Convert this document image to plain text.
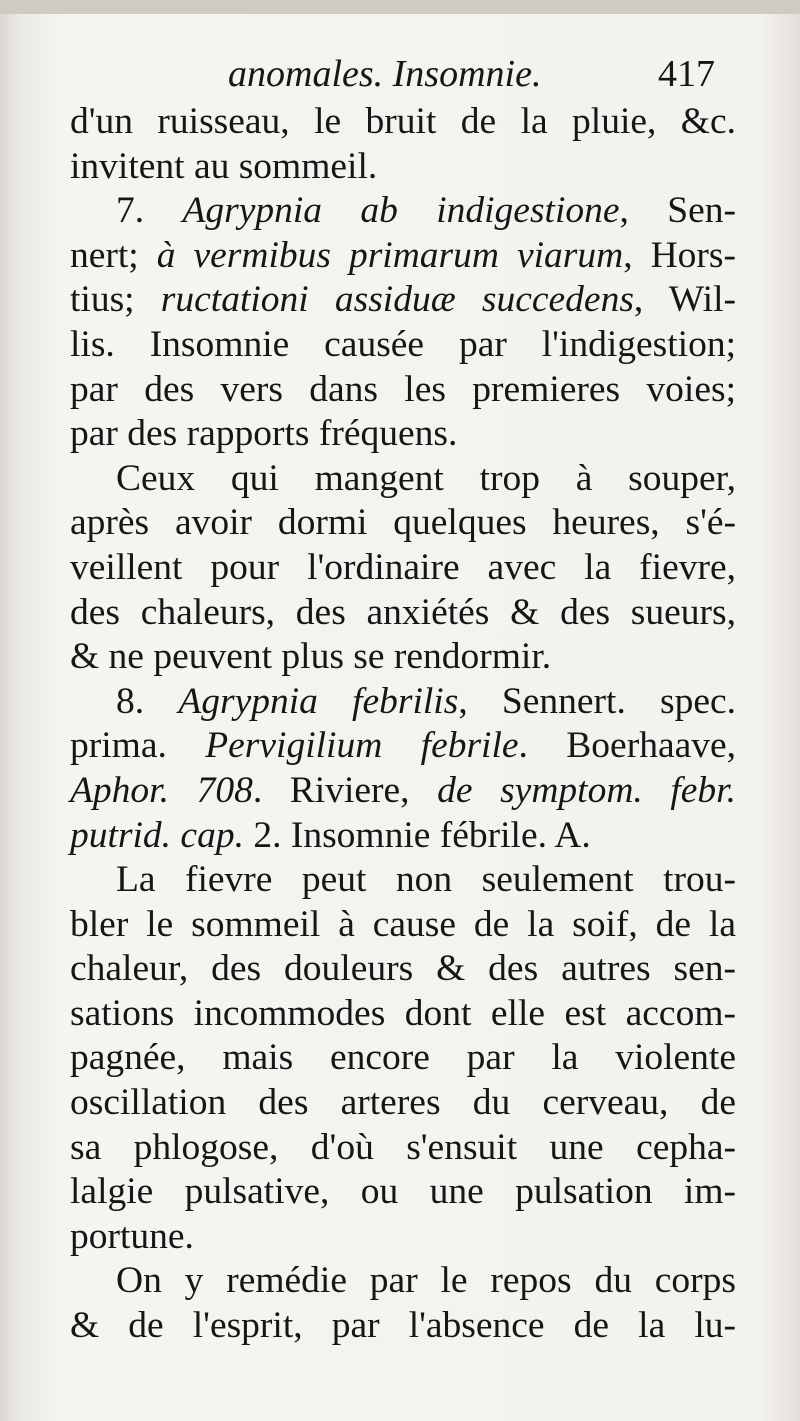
anomales. Insomnie.	417
d'un ruisseau, le bruit de la pluie, &c.
invitent au sommeil.
7. Agrypnia ab indigestione, Sen-
nert; à vermibus primarum viarum, Hors-
tius; ructationi assiduæ succedens, Wil-
lis. Insomnie causée par l'indigestion;
par des vers dans les premieres voies;
par des rapports fréquens.
Ceux qui mangent trop à souper,
après avoir dormi quelques heures, s'é-
veillent pour l'ordinaire avec la fievre,
des chaleurs, des anxiétés & des sueurs,
& ne peuvent plus se rendormir.
8. Agrypnia febrilis, Sennert. spec.
prima. Pervigilium febrile. Boerhaave,
Aphor. 708. Riviere, de symptom. febr.
putrid. cap. 2. Insomnie fébrile. A.
La fievre peut non seulement trou-
bler le sommeil à cause de la soif, de la
chaleur, des douleurs & des autres sen-
sations incommodes dont elle est accom-
pagnée, mais encore par la violente
oscillation des arteres du cerveau, de
sa phlogose, d'où s'ensuit une cepha-
lalgie pulsative, ou une pulsation im-
portune.
On y remédie par le repos du corps
& de l'esprit, par l'absence de la lu-
